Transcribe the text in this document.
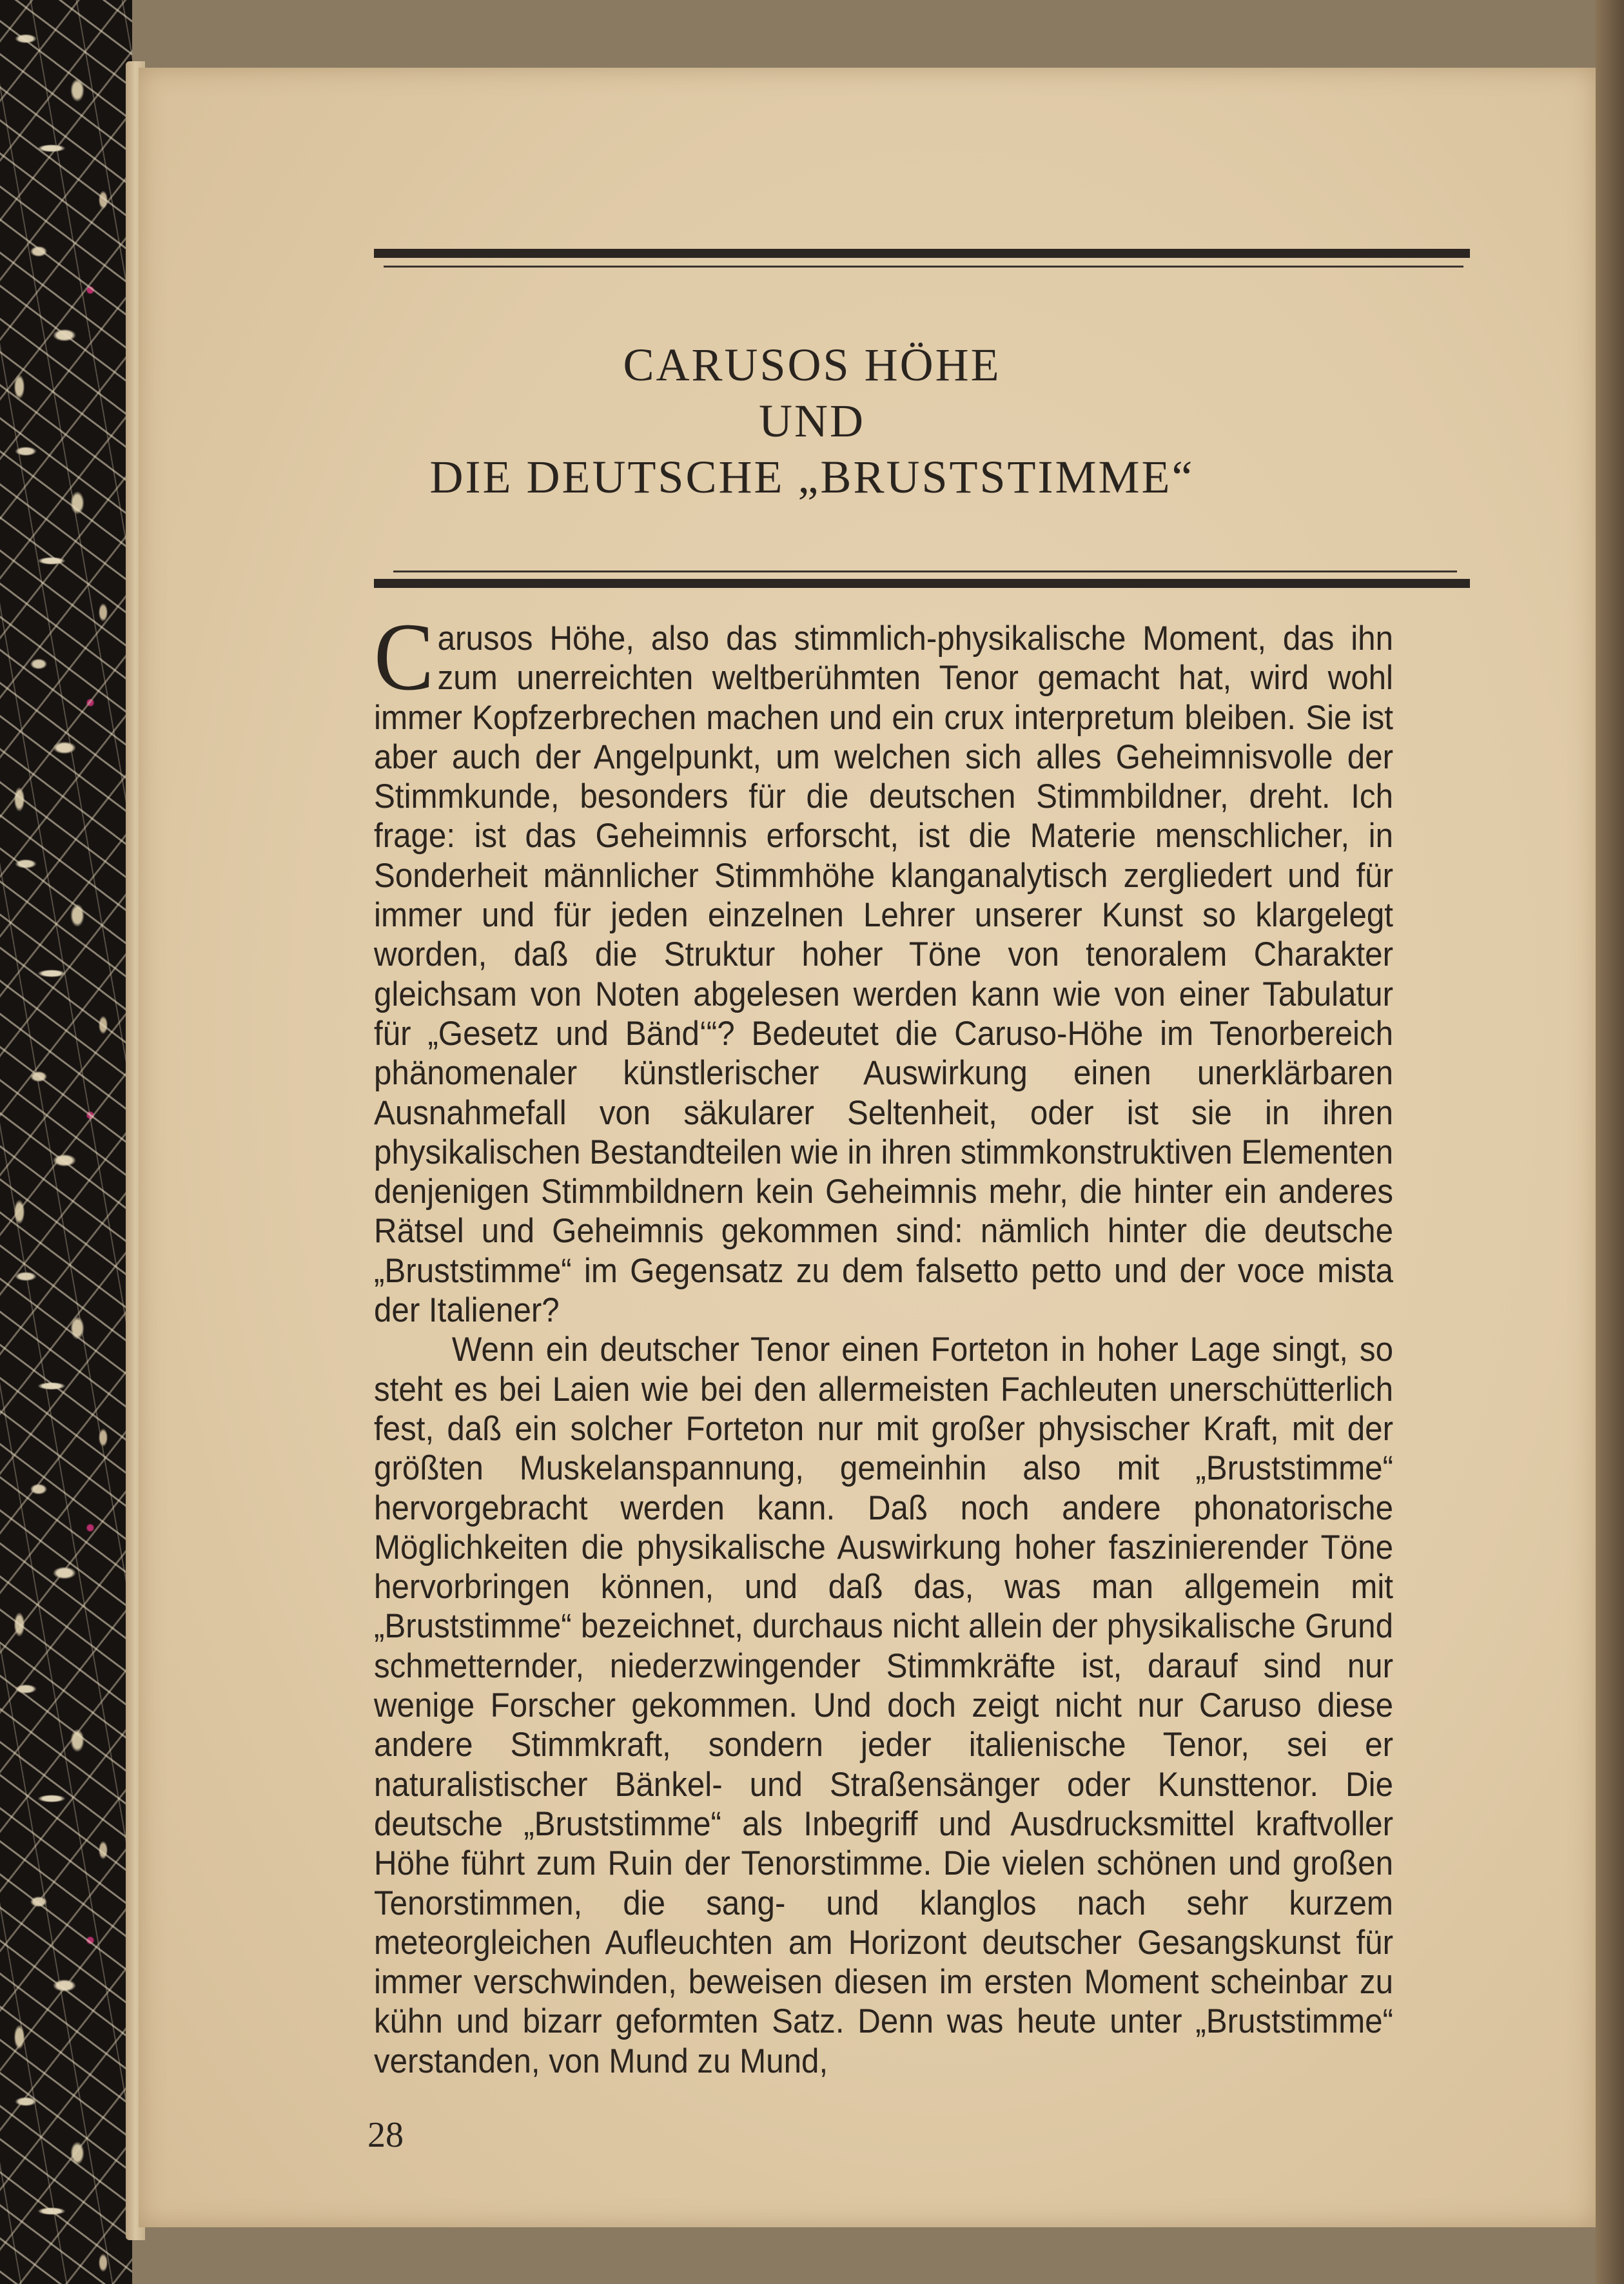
CARUSOS HÖHE
UND
DIE DEUTSCHE „BRUSTSTIMME“

Carusos Höhe, also das stimmlich-physikalische Moment, das ihn zum unerreichten weltberühmten Tenor gemacht hat, wird wohl immer Kopfzerbrechen machen und ein crux interpretum bleiben. Sie ist aber auch der Angelpunkt, um welchen sich alles Geheimnisvolle der Stimmkunde, besonders für die deutschen Stimmbildner, dreht. Ich frage: ist das Geheimnis erforscht, ist die Materie menschlicher, in Sonderheit männlicher Stimmhöhe klanganalytisch zergliedert und für immer und für jeden einzelnen Lehrer unserer Kunst so klargelegt worden, daß die Struktur hoher Töne von tenoralem Charakter gleichsam von Noten abgelesen werden kann wie von einer Tabulatur für „Gesetz und Bänd‘“? Bedeutet die Caruso-Höhe im Tenorbereich phänomenaler künstlerischer Auswirkung einen unerklärbaren Ausnahmefall von säkularer Seltenheit, oder ist sie in ihren physikalischen Bestandteilen wie in ihren stimmkonstruktiven Elementen denjenigen Stimmbildnern kein Geheimnis mehr, die hinter ein anderes Rätsel und Geheimnis gekommen sind: nämlich hinter die deutsche „Bruststimme“ im Gegensatz zu dem falsetto petto und der voce mista der Italiener?

Wenn ein deutscher Tenor einen Forteton in hoher Lage singt, so steht es bei Laien wie bei den allermeisten Fachleuten unerschütterlich fest, daß ein solcher Forteton nur mit großer physischer Kraft, mit der größten Muskelanspannung, gemeinhin also mit „Bruststimme“ hervorgebracht werden kann. Daß noch andere phonatorische Möglichkeiten die physikalische Auswirkung hoher faszinierender Töne hervorbringen können, und daß das, was man allgemein mit „Bruststimme“ bezeichnet, durchaus nicht allein der physikalische Grund schmetternder, niederzwingender Stimmkräfte ist, darauf sind nur wenige Forscher gekommen. Und doch zeigt nicht nur Caruso diese andere Stimmkraft, sondern jeder italienische Tenor, sei er naturalistischer Bänkel- und Straßensänger oder Kunsttenor. Die deutsche „Bruststimme“ als Inbegriff und Ausdrucksmittel kraftvoller Höhe führt zum Ruin der Tenorstimme. Die vielen schönen und großen Tenorstimmen, die sang- und klanglos nach sehr kurzem meteorgleichen Aufleuchten am Horizont deutscher Gesangskunst für immer verschwinden, beweisen diesen im ersten Moment scheinbar zu kühn und bizarr geformten Satz. Denn was heute unter „Bruststimme“ verstanden, von Mund zu Mund,

28
